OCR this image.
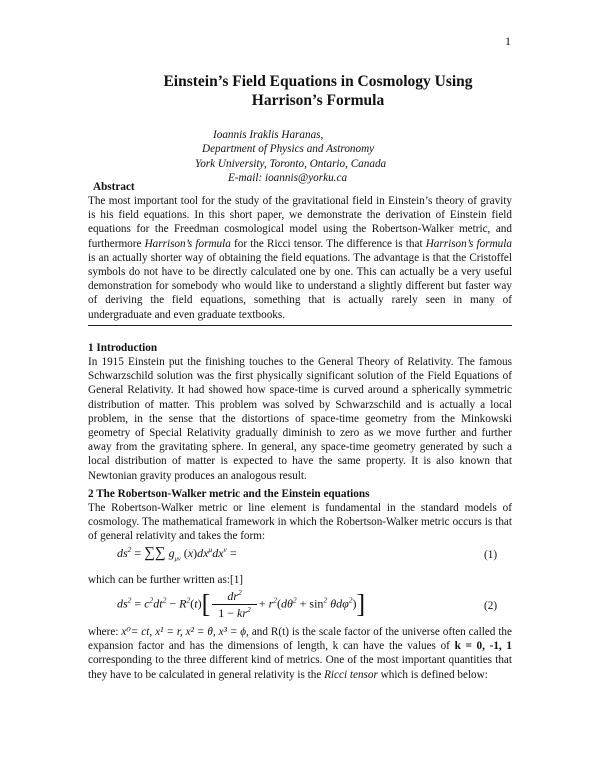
1
Einstein’s Field Equations in Cosmology Using
Harrison’s Formula
Ioannis Iraklis Haranas,
Department of Physics and Astronomy
York University, Toronto, Ontario, Canada
E-mail: ioannis@yorku.ca
Abstract

The most important tool for the study of the gravitational field in Einstein’s theory of gravity is his field equations. In this short paper, we demonstrate the derivation of Einstein field equations for the Freedman cosmological model using the Robertson-Walker metric, and furthermore Harrison’s formula for the Ricci tensor. The difference is that Harrison’s formula is an actually shorter way of obtaining the field equations. The advantage is that the Cristoffel symbols do not have to be directly calculated one by one. This can actually be a very useful demonstration for somebody who would like to understand a slightly different but faster way of deriving the field equations, something that is actually rarely seen in many of undergraduate and even graduate textbooks.

1 Introduction

In 1915 Einstein put the finishing touches to the General Theory of Relativity. The famous Schwarzschild solution was the first physically significant solution of the Field Equations of General Relativity. It had showed how space-time is curved around a spherically symmetric distribution of matter. This problem was solved by Schwarzschild and is actually a local problem, in the sense that the distortions of space-time geometry from the Minkowski geometry of Special Relativity gradually diminish to zero as we move further and further away from the gravitating sphere. In general, any space-time geometry generated by such a local distribution of matter is expected to have the same property. It is also known that Newtonian gravity produces an analogous result.

2 The Robertson-Walker metric and the Einstein equations

The Robertson-Walker metric or line element is fundamental in the standard models of cosmology. The mathematical framework in which the Robertson-Walker metric occurs is that of general relativity and takes the form:

$ds^2$ = ∑∑ $g_{\mu\nu}$ $(x)dx^\mu dx^\nu$ =	(1)
which can be further written as:[1]
$ds^2 = c^2dt^2 - R^2(t)[ \frac{dr^2}{1 - kr^2} + r^2(d\theta^2 + \sin^2 \theta d\varphi^2)]$	(2)

where: x⁰= ct, x¹ = r, x² = θ, x³ = ϕ, and R(t) is the scale factor of the universe often called the expansion factor and has the dimensions of length, k can have the values of k = 0, -1, 1 corresponding to the three different kind of metrics. One of the most important quantities that they have to be calculated in general relativity is the Ricci tensor which is defined below:
